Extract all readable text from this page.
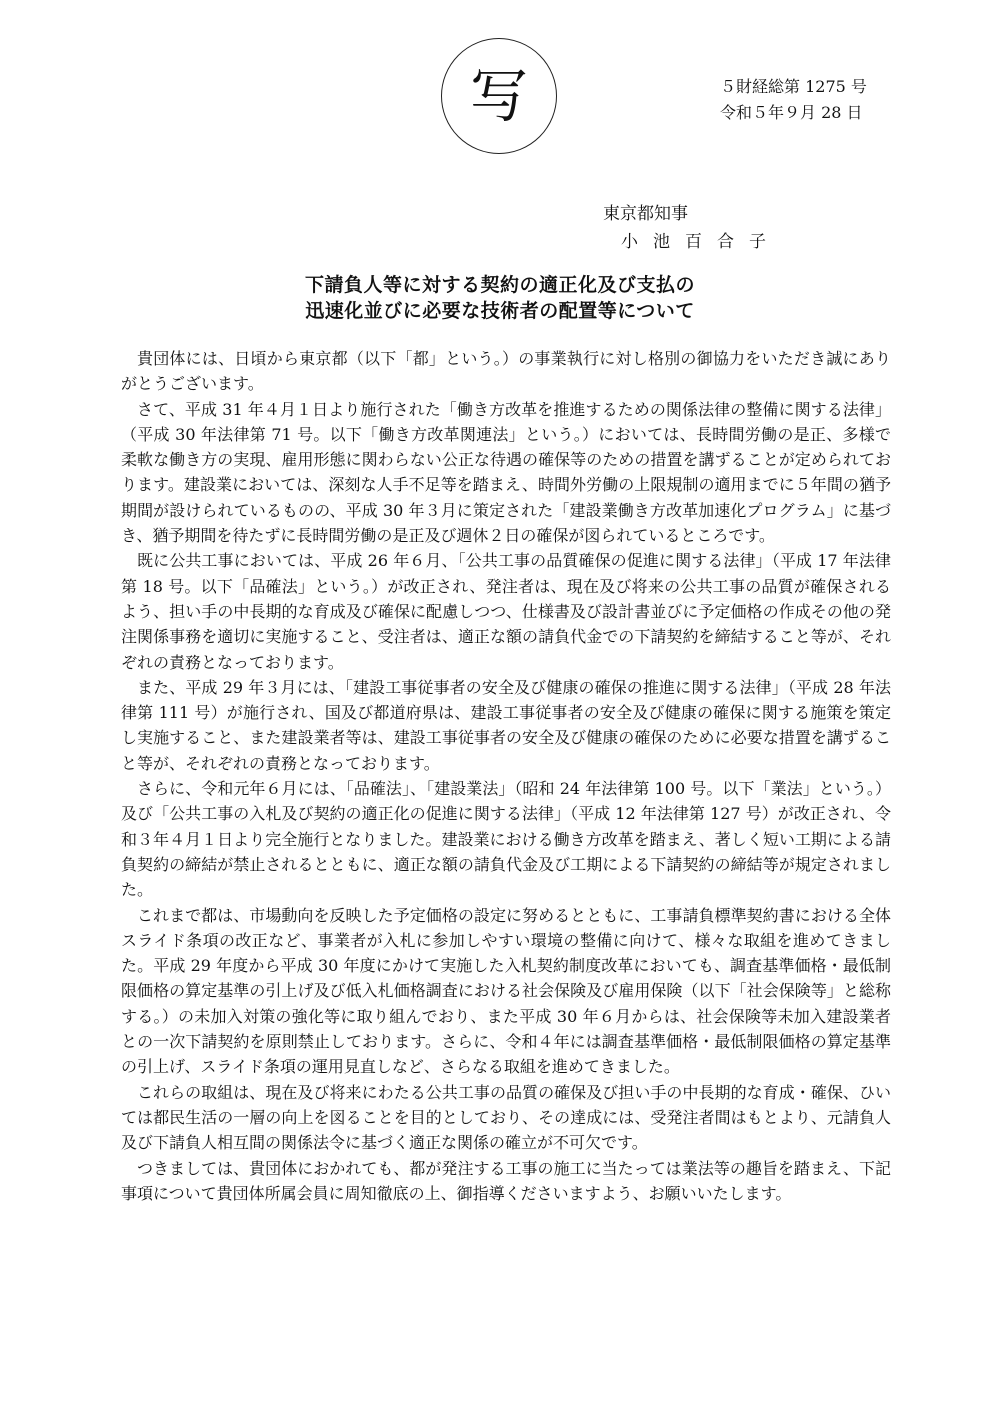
写	５財経総第 1275 号
令和５年９月 28 日
東京都知事
小池百合子
下請負人等に対する契約の適正化及び支払の
迅速化並びに必要な技術者の配置等について

貴団体には、日頃から東京都（以下「都」という。）の事業執行に対し格別の御協力をいただき誠にありがとうございます。

さて、平成 31 年４月１日より施行された「働き方改革を推進するための関係法律の整備に関する法律」（平成 30 年法律第 71 号。以下「働き方改革関連法」という。）においては、長時間労働の是正、多様で柔軟な働き方の実現、雇用形態に関わらない公正な待遇の確保等のための措置を講ずることが定められております。建設業においては、深刻な人手不足等を踏まえ、時間外労働の上限規制の適用までに５年間の猶予期間が設けられているものの、平成 30 年３月に策定された「建設業働き方改革加速化プログラム」に基づき、猶予期間を待たずに長時間労働の是正及び週休２日の確保が図られているところです。

既に公共工事においては、平成 26 年６月、「公共工事の品質確保の促進に関する法律」（平成 17 年法律第 18 号。以下「品確法」という。）が改正され、発注者は、現在及び将来の公共工事の品質が確保されるよう、担い手の中長期的な育成及び確保に配慮しつつ、仕様書及び設計書並びに予定価格の作成その他の発注関係事務を適切に実施すること、受注者は、適正な額の請負代金での下請契約を締結すること等が、それぞれの責務となっております。

また、平成 29 年３月には、「建設工事従事者の安全及び健康の確保の推進に関する法律」（平成 28 年法律第 111 号）が施行され、国及び都道府県は、建設工事従事者の安全及び健康の確保に関する施策を策定し実施すること、また建設業者等は、建設工事従事者の安全及び健康の確保のために必要な措置を講ずること等が、それぞれの責務となっております。

さらに、令和元年６月には、「品確法」、「建設業法」（昭和 24 年法律第 100 号。以下「業法」という。）及び「公共工事の入札及び契約の適正化の促進に関する法律」（平成 12 年法律第 127 号）が改正され、令和３年４月１日より完全施行となりました。建設業における働き方改革を踏まえ、著しく短い工期による請負契約の締結が禁止されるとともに、適正な額の請負代金及び工期による下請契約の締結等が規定されました。

これまで都は、市場動向を反映した予定価格の設定に努めるとともに、工事請負標準契約書における全体スライド条項の改正など、事業者が入札に参加しやすい環境の整備に向けて、様々な取組を進めてきました。平成 29 年度から平成 30 年度にかけて実施した入札契約制度改革においても、調査基準価格・最低制限価格の算定基準の引上げ及び低入札価格調査における社会保険及び雇用保険（以下「社会保険等」と総称する。）の未加入対策の強化等に取り組んでおり、また平成 30 年６月からは、社会保険等未加入建設業者との一次下請契約を原則禁止しております。さらに、令和４年には調査基準価格・最低制限価格の算定基準の引上げ、スライド条項の運用見直しなど、さらなる取組を進めてきました。

これらの取組は、現在及び将来にわたる公共工事の品質の確保及び担い手の中長期的な育成・確保、ひいては都民生活の一層の向上を図ることを目的としており、その達成には、受発注者間はもとより、元請負人及び下請負人相互間の関係法令に基づく適正な関係の確立が不可欠です。

つきましては、貴団体におかれても、都が発注する工事の施工に当たっては業法等の趣旨を踏まえ、下記事項について貴団体所属会員に周知徹底の上、御指導くださいますよう、お願いいたします。
